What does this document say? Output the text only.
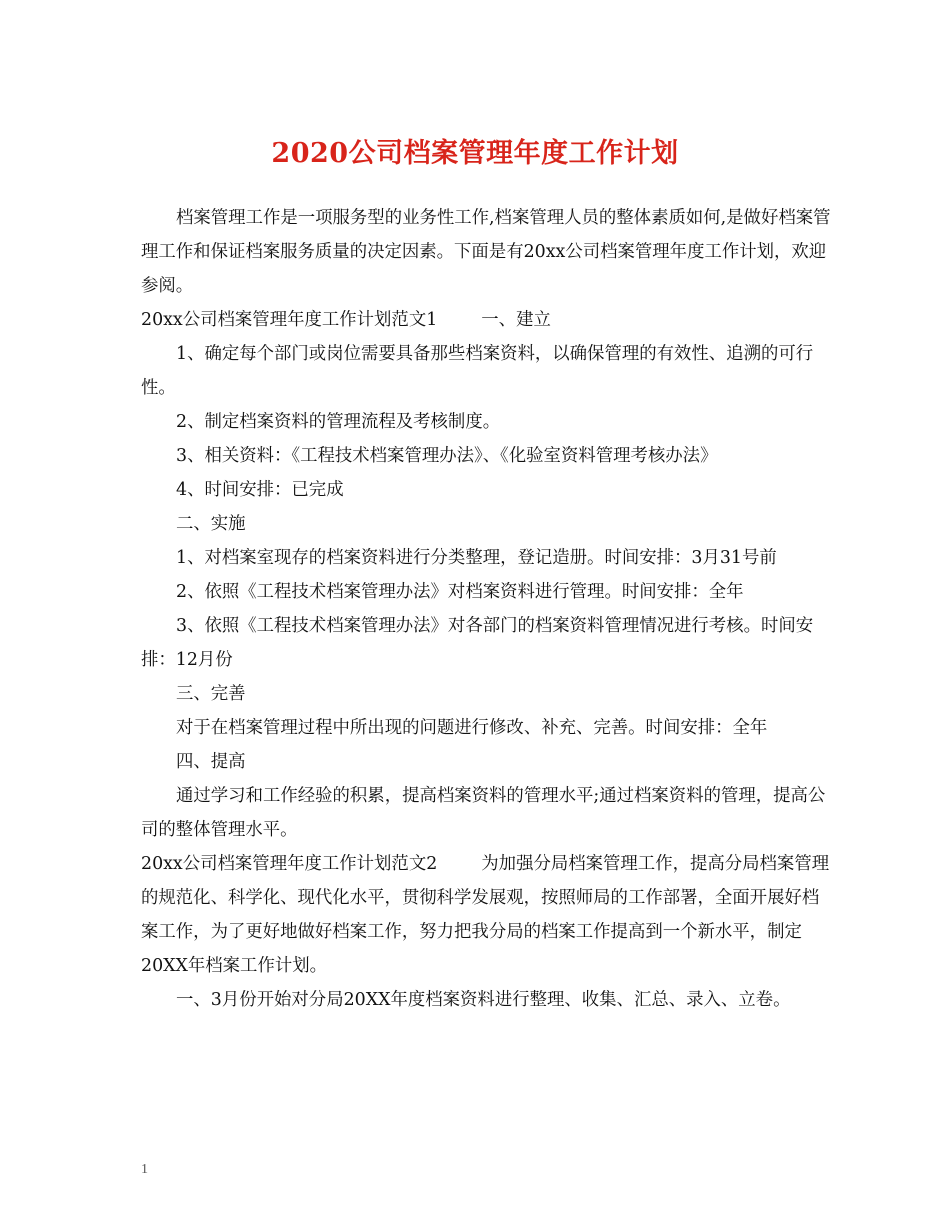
2020公司档案管理年度工作计划

档案管理工作是一项服务型的业务性工作,档案管理人员的整体素质如何,是做好档案管理工作和保证档案服务质量的决定因素。下面是有20xx公司档案管理年度工作计划，欢迎参阅。

20xx公司档案管理年度工作计划范文1	一、建立

1、确定每个部门或岗位需要具备那些档案资料，以确保管理的有效性、追溯的可行性。

2、制定档案资料的管理流程及考核制度。

3、相关资料：《工程技术档案管理办法》、《化验室资料管理考核办法》

4、时间安排：已完成

二、实施

1、对档案室现存的档案资料进行分类整理，登记造册。时间安排：3月31号前

2、依照《工程技术档案管理办法》对档案资料进行管理。时间安排：全年

3、依照《工程技术档案管理办法》对各部门的档案资料管理情况进行考核。时间安排：12月份

三、完善

对于在档案管理过程中所出现的问题进行修改、补充、完善。时间安排：全年

四、提高

通过学习和工作经验的积累，提高档案资料的管理水平;通过档案资料的管理，提高公司的整体管理水平。

20xx公司档案管理年度工作计划范文2	为加强分局档案管理工作，提高分局档案管理的规范化、科学化、现代化水平，贯彻科学发展观，按照师局的工作部署，全面开展好档案工作，为了更好地做好档案工作，努力把我分局的档案工作提高到一个新水平，制定20XX年档案工作计划。

一、3月份开始对分局20XX年度档案资料进行整理、收集、汇总、录入、立卷。

1
